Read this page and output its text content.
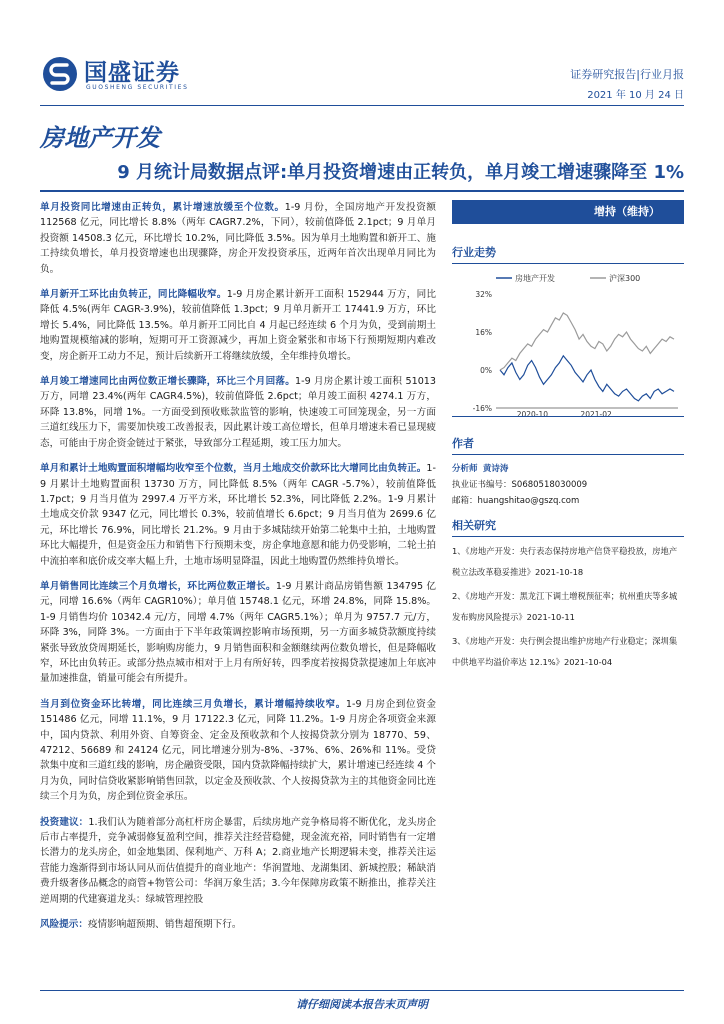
国盛证券
GUOSHENG SECURITIES
证券研究报告|行业月报
2021 年 10 月 24 日
房地产开发
9 月统计局数据点评:单月投资增速由正转负，单月竣工增速骤降至 1%

单月投资同比增速由正转负，累计增速放缓至个位数。1-9 月份，全国房地产开发投资额 112568 亿元，同比增长 8.8%（两年 CAGR7.2%，下同），较前值降低 2.1pct；9 月单月投资额 14508.3 亿元，环比增长 10.2%，同比降低 3.5%。因为单月土地购置和新开工、施工持续负增长，单月投资增速也出现骤降，房企开发投资承压，近两年首次出现单月同比为负。

单月新开工环比由负转正，同比降幅收窄。1-9 月房企累计新开工面积 152944 万方，同比降低 4.5%(两年 CAGR-3.9%)，较前值降低 1.3pct；9 月单月新开工 17441.9 万方，环比增长 5.4%，同比降低 13.5%。单月新开工同比自 4 月起已经连续 6 个月为负，受到前期土地购置规模缩减的影响，短期可开工资源减少，再加上资金紧张和市场下行预期短期内难改变，房企新开工动力不足，预计后续新开工将继续放缓，全年维持负增长。

单月竣工增速同比由两位数正增长骤降，环比三个月回落。1-9 月房企累计竣工面积 51013 万方，同增 23.4%(两年 CAGR4.5%)，较前值降低 2.6pct；单月竣工面积 4274.1 万方，环降 13.8%，同增 1%。一方面受到预收账款监管的影响，快速竣工可回笼现金，另一方面三道红线压力下，需要加快竣工改善报表，因此累计竣工高位增长，但单月增速未看已显现疲态，可能由于房企资金链过于紧张，导致部分工程延期，竣工压力加大。

单月和累计土地购置面积增幅均收窄至个位数，当月土地成交价款环比大增同比由负转正。1-9 月累计土地购置面积 13730 万方，同比降低 8.5%（两年 CAGR -5.7%），较前值降低 1.7pct；9 月当月值为 2997.4 万平方米，环比增长 52.3%，同比降低 2.2%。1-9 月累计土地成交价款 9347 亿元，同比增长 0.3%，较前值增长 6.6pct；9 月当月值为 2699.6 亿元，环比增长 76.9%，同比增长 21.2%。9 月由于多城陆续开始第二轮集中土拍，土地购置环比大幅提升，但是资金压力和销售下行预期未变，房企拿地意愿和能力仍受影响，二轮土拍中流拍率和底价成交率大幅上升，土地市场明显降温，因此土地购置仍然维持负增长。

单月销售同比连续三个月负增长，环比两位数正增长。1-9 月累计商品房销售额 134795 亿元，同增 16.6%（两年 CAGR10%）；单月值 15748.1 亿元，环增 24.8%，同降 15.8%。1-9 月销售均价 10342.4 元/方，同增 4.7%（两年 CAGR5.1%）；单月为 9757.7 元/方，环降 3%，同降 3%。一方面由于下半年政策调控影响市场预期，另一方面多城贷款额度持续紧张导致放贷周期延长，影响购房能力，9 月销售面积和金额继续两位数负增长，但是降幅收窄，环比由负转正。或部分热点城市相对于上月有所好转，四季度若按揭贷款提速加上年底冲量加速推盘，销量可能会有所提升。

当月到位资金环比转增，同比连续三月负增长，累计增幅持续收窄。1-9 月房企到位资金 151486 亿元，同增 11.1%，9 月 17122.3 亿元，同降 11.2%。1-9 月房企各项资金来源中，国内贷款、利用外资、自筹资金、定金及预收款和个人按揭贷款分别为 18770、59、47212、56689 和 24124 亿元，同比增速分别为-8%、-37%、6%、26%和 11%。受贷款集中度和三道红线的影响，房企融资受限，国内贷款降幅持续扩大，累计增速已经连续 4 个月为负，同时信贷收紧影响销售回款，以定金及预收款、个人按揭贷款为主的其他资金同比连续三个月为负，房企到位资金承压。

投资建议：1.我们认为随着部分高杠杆房企暴雷，后续房地产竞争格局将不断优化，龙头房企后市占率提升，竞争减弱修复盈利空间，推荐关注经营稳健，现金流充裕，同时销售有一定增长潜力的龙头房企，如金地集团、保利地产、万科 A；2.商业地产长期逻辑未变，推荐关注运营能力逸渐得到市场认同从而估值提升的商业地产：华润置地、龙湖集团、新城控股；稀缺消费升级奢侈品概念的商管+物管公司：华润万象生活；3.今年保障房政策不断推出，推荐关注逆周期的代建赛道龙头：绿城管理控股

风险提示：疫情影响超预期、销售超预期下行。

增持（维持）
行业走势
房地产开发	沪深300
32%
16%
0%
-16%
2020-10	2021-02
作者
分析师 黄诗涛
执业证书编号：S0680518030009
邮箱：huangshitao@gszq.com
相关研究
1、《房地产开发：央行表态保持房地产信贷平稳投放，房地产税立法改革稳妥推进》2021-10-18
2、《房地产开发：黑龙江下调土增税预征率；杭州重庆等多城发布购房风险提示》2021-10-11
3、《房地产开发：央行例会提出维护房地产行业稳定；深圳集中供地平均溢价率达 12.1%》2021-10-04
请仔细阅读本报告末页声明
